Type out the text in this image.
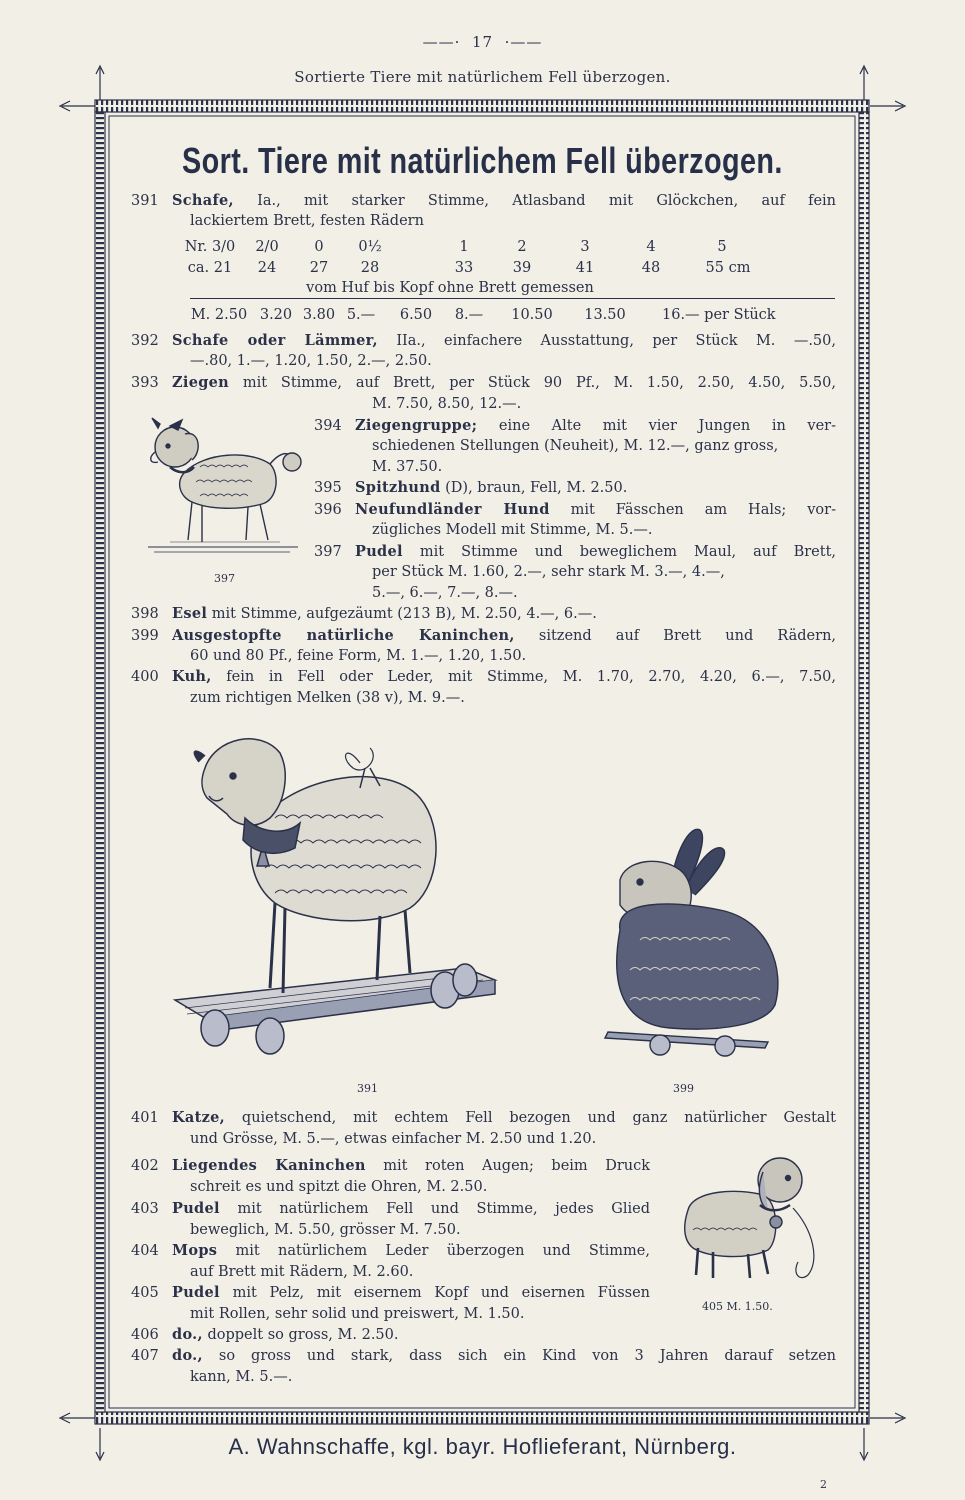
——·  17  ·——
Sortierte Tiere mit natürlichem Fell überzogen.
Sort. Tiere mit natürlichem Fell überzogen.
391 Schafe, Ia., mit starker Stimme, Atlasband mit Glöckchen, auf fein
lackiertem Brett, festen Rädern
Nr. 3/0	2/0	0	0½	1	2	3	4	5
ca. 21	24	27	28	33	39	41	48	55 cm
vom Huf bis Kopf ohne Brett gemessen
M. 2.50 3.20 3.80 5.—	6.50	8.— 10.50 13.50	16.— per Stück
392 Schafe oder Lämmer, IIa., einfachere Ausstattung, per Stück M. —.50,
—.80, 1.—, 1.20, 1.50, 2.—, 2.50.
393 Ziegen mit Stimme, auf Brett, per Stück 90 Pf., M. 1.50, 2.50, 4.50, 5.50,
M. 7.50, 8.50, 12.—.
397
394 Ziegengruppe; eine Alte mit vier Jungen in ver-
schiedenen Stellungen (Neuheit), M. 12.—, ganz gross,
M. 37.50.
395 Spitzhund (D), braun, Fell, M. 2.50.
396 Neufundländer Hund mit Fässchen am Hals; vor-
zügliches Modell mit Stimme, M. 5.—.
397 Pudel mit Stimme und beweglichem Maul, auf Brett,
per Stück M. 1.60, 2.—, sehr stark M. 3.—, 4.—,
5.—, 6.—, 7.—, 8.—.
398 Esel mit Stimme, aufgezäumt (213 B), M. 2.50, 4.—, 6.—.
399 Ausgestopfte natürliche Kaninchen, sitzend auf Brett und Rädern,
60 und 80 Pf., feine Form, M. 1.—, 1.20, 1.50.
400 Kuh, fein in Fell oder Leder, mit Stimme, M. 1.70, 2.70, 4.20, 6.—, 7.50,
zum richtigen Melken (38 v), M. 9.—.
391	399
401 Katze, quietschend, mit echtem Fell bezogen und ganz natürlicher Gestalt
und Grösse, M. 5.—, etwas einfacher M. 2.50 und 1.20.
402 Liegendes Kaninchen mit roten Augen; beim Druck
schreit es und spitzt die Ohren, M. 2.50.
403 Pudel mit natürlichem Fell und Stimme, jedes Glied
beweglich, M. 5.50, grösser M. 7.50.
404 Mops mit natürlichem Leder überzogen und Stimme,
auf Brett mit Rädern, M. 2.60.
405 Pudel mit Pelz, mit eisernem Kopf und eisernen Füssen
mit Rollen, sehr solid und preiswert, M. 1.50.	405 M. 1.50.
406 do., doppelt so gross, M. 2.50.
407 do., so gross und stark, dass sich ein Kind von 3 Jahren darauf setzen
kann, M. 5.—.
A. Wahnschaffe, kgl. bayr. Hoflieferant, Nürnberg.
2
